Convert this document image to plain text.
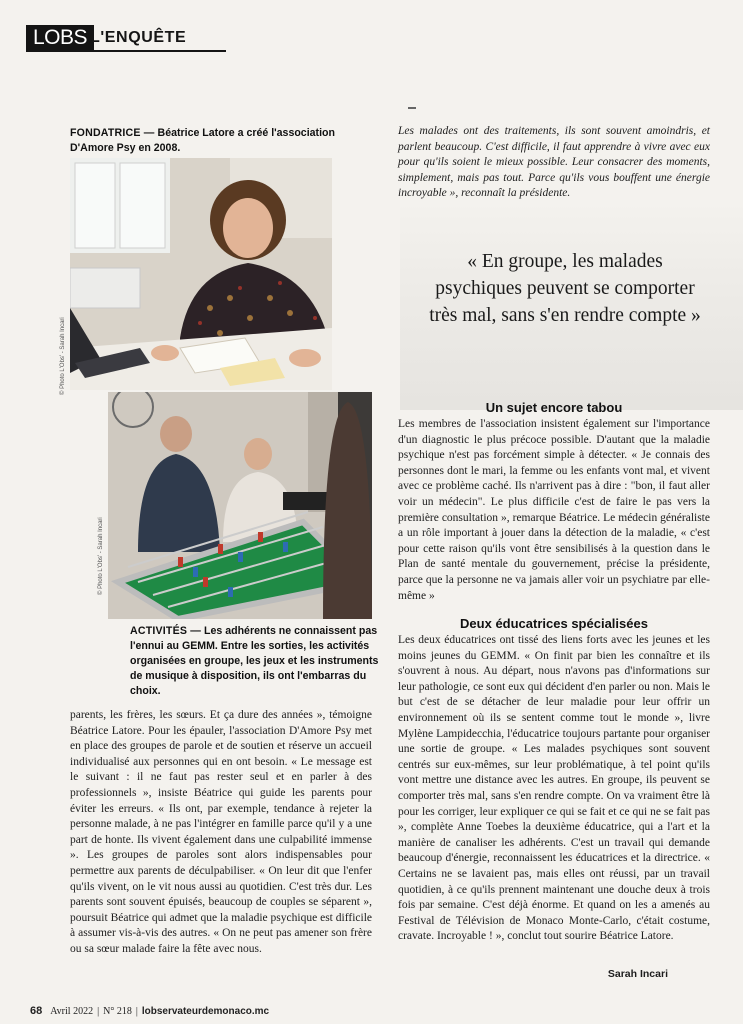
LOBS L'ENQUÊTE
FONDATRICE — Béatrice Latore a créé l'association D'Amore Psy en 2008.
© Photo L'Obs' - Sarah Incari
© Photo L'Obs' - Sarah Incari
ACTIVITÉS — Les adhérents ne connaissent pas l'ennui au GEMM. Entre les sorties, les activités organisées en groupe, les jeux et les instruments de musique à disposition, ils ont l'embarras du choix.

Les malades ont des traitements, ils sont souvent amoindris, et parlent beaucoup. C'est difficile, il faut apprendre à vivre avec eux pour qu'ils soient le mieux possible. Leur consacrer des moments, simplement, mais pas tout. Parce qu'ils vous bouffent une énergie incroyable », reconnaît la présidente.

« En groupe, les malades psychiques peuvent se comporter très mal, sans s'en rendre compte »
Un sujet encore tabou

Les membres de l'association insistent également sur l'importance d'un diagnostic le plus précoce possible. D'autant que la maladie psychique n'est pas forcément simple à détecter. « Je connais des personnes dont le mari, la femme ou les enfants vont mal, et vivent avec ce problème caché. Ils n'arrivent pas à dire : "bon, il faut aller voir un médecin". Le plus difficile c'est de faire le pas vers la première consultation », remarque Béatrice. Le médecin généraliste a un rôle important à jouer dans la détection de la maladie, « c'est pour cette raison qu'ils vont être sensibilisés à la question dans le Plan de santé mentale du gouvernement, précise la présidente, parce que la personne ne va jamais aller voir un psychiatre par elle-même »

Deux éducatrices spécialisées

Les deux éducatrices ont tissé des liens forts avec les jeunes et les moins jeunes du GEMM. « On finit par bien les connaître et ils s'ouvrent à nous. Au départ, nous n'avons pas d'informations sur leur pathologie, ce sont eux qui décident d'en parler ou non. Mais le but c'est de se détacher de leur maladie pour leur offrir un environnement où ils se sentent comme tout le monde », livre Mylène Lampidecchia, l'éducatrice toujours partante pour organiser une sortie de groupe. « Les malades psychiques sont souvent centrés sur eux-mêmes, sur leur problématique, à tel point qu'ils vont mettre une distance avec les autres. En groupe, ils peuvent se comporter très mal, sans s'en rendre compte. On va vraiment être là pour les corriger, leur expliquer ce qui se fait et ce qui ne se fait pas », complète Anne Toebes la deuxième éducatrice, qui a l'art et la manière de canaliser les adhérents. C'est un travail qui demande beaucoup d'énergie, reconnaissent les éducatrices et la directrice. « Certains ne se lavaient pas, mais elles ont réussi, par un travail quotidien, à ce qu'ils prennent maintenant une douche deux à trois fois par semaine. C'est déjà énorme. Et quand on les a amenés au Festival de Télévision de Monaco Monte-Carlo, c'était costume, cravate. Incroyable ! », conclut tout sourire Béatrice Latore.

Sarah Incari

parents, les frères, les sœurs. Et ça dure des années », témoigne Béatrice Latore. Pour les épauler, l'association D'Amore Psy met en place des groupes de parole et de soutien et réserve un accueil individualisé aux personnes qui en ont besoin. « Le message est le suivant : il ne faut pas rester seul et en parler à des professionnels », insiste Béatrice qui guide les parents pour éviter les erreurs. « Ils ont, par exemple, tendance à rejeter la personne malade, à ne pas l'intégrer en famille parce qu'il y a une part de honte. Ils vivent également dans une culpabilité immense ». Les groupes de paroles sont alors indispensables pour permettre aux parents de déculpabiliser. « On leur dit que l'enfer qu'ils vivent, on le vit nous aussi au quotidien. C'est très dur. Les parents sont souvent épuisés, beaucoup de couples se séparent », poursuit Béatrice qui admet que la maladie psychique est difficile à assumer vis-à-vis des autres. « On ne peut pas amener son frère ou sa sœur malade faire la fête avec nous.

68 Avril 2022 | N° 218 | lobservateurdemonaco.mc
